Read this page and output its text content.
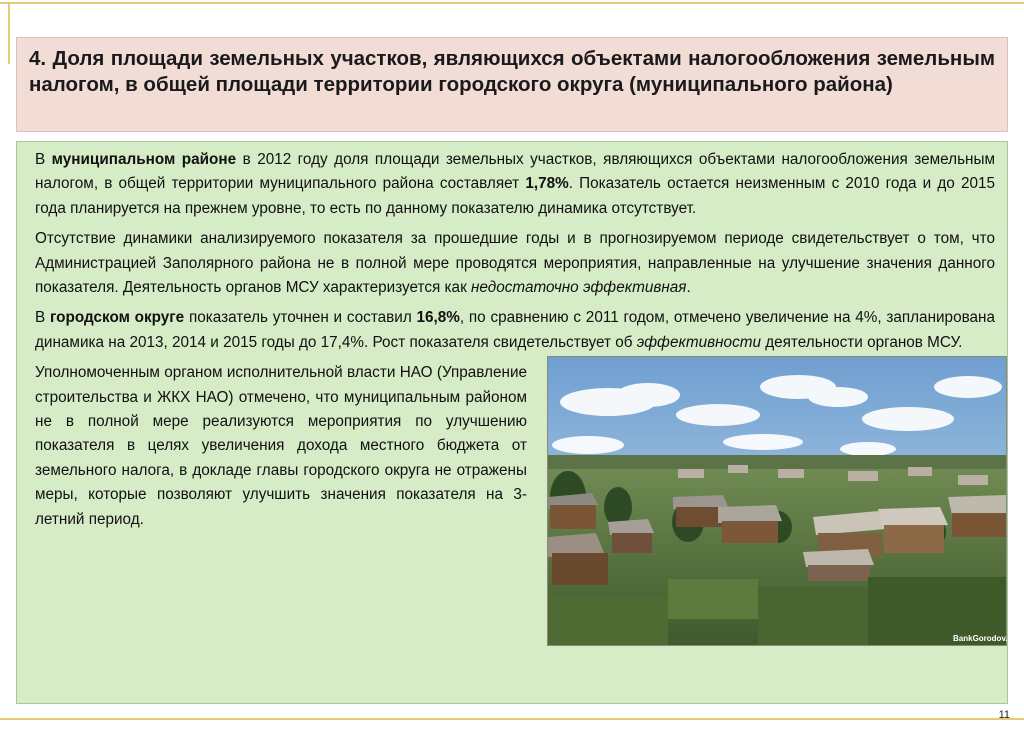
4. Доля площади земельных участков, являющихся объектами налогообложения земельным налогом, в общей площади территории городского округа (муниципального района)

В муниципальном районе в 2012 году доля площади земельных участков, являющихся объектами налогообложения земельным налогом, в общей территории муниципального района составляет 1,78%. Показатель остается неизменным с 2010 года и до 2015 года планируется на прежнем уровне, то есть по данному показателю динамика отсутствует.

Отсутствие динамики анализируемого показателя за прошедшие годы и в прогнозируемом периоде свидетельствует о том, что Администрацией Заполярного района не в полной мере проводятся мероприятия, направленные на улучшение значения данного показателя. Деятельность органов МСУ характеризуется как недостаточно эффективная.

В городском округе показатель уточнен и составил 16,8%, по сравнению с 2011 годом, отмечено увеличение на 4%, запланирована динамика на 2013, 2014 и 2015 годы до 17,4%. Рост показателя свидетельствует об
BankGorodov.RU
эффективности деятельности органов МСУ.

Уполномоченным органом исполнительной власти НАО (Управление строительства и ЖКХ НАО) отмечено, что муниципальным районом не в полной мере реализуются мероприятия по улучшению показателя в целях увеличения дохода местного бюджета от земельного налога, в докладе главы городского округа не отражены меры, которые позволяют улучшить значения показателя на 3-летний период.

11
